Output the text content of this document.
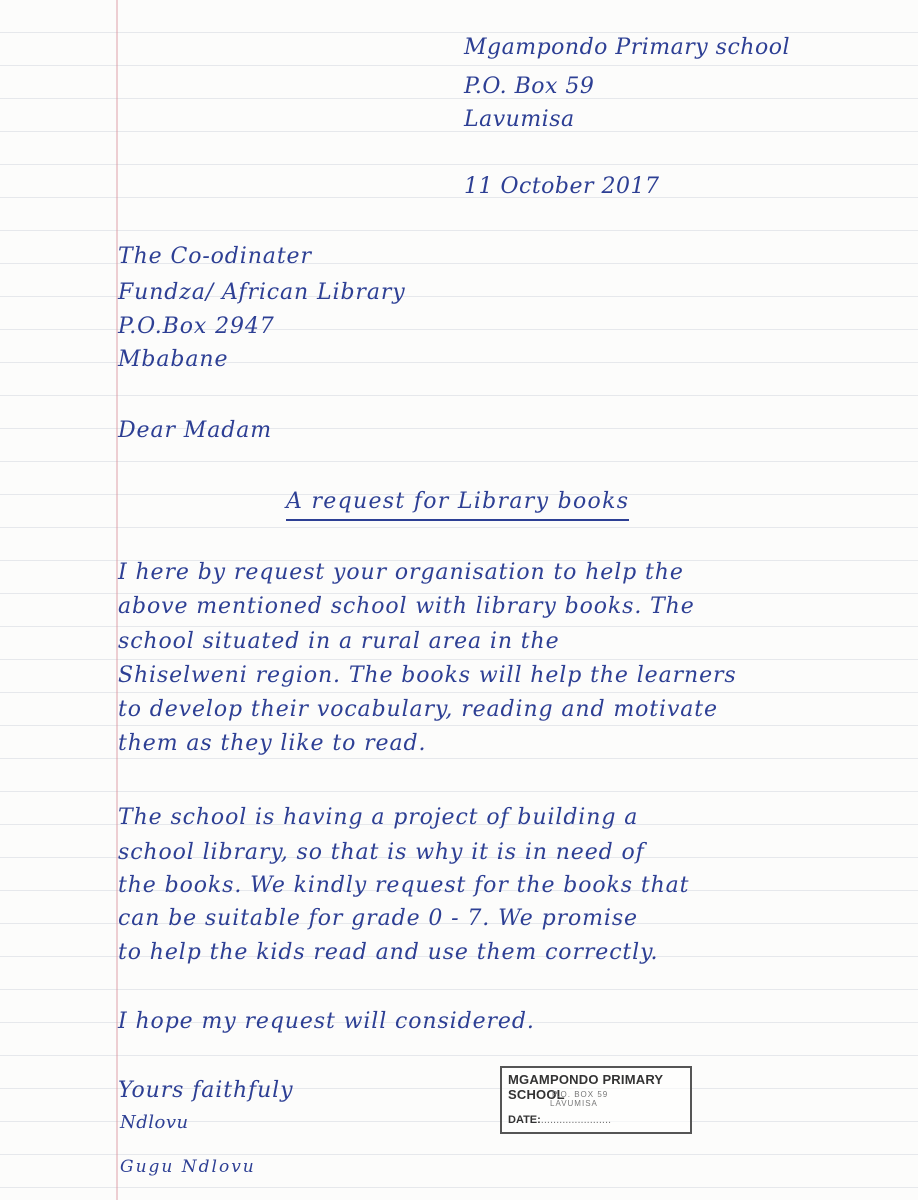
Mgampondo Primary school
P.O. Box 59
Lavumisa
11 October 2017
The Co-odinater
Fundza/ African Library
P.O.Box 2947
Mbabane
Dear Madam
A request for Library books
I here by request your organisation to help the
above mentioned school with library books. The
school situated in a rural area in the
Shiselweni region. The books will help the learners
to develop their vocabulary, reading and motivate
them as they like to read.
The school is having a project of building a
school library, so that is why it is in need of
the books. We kindly request for the books that
can be suitable for grade 0 - 7. We promise
to help the kids read and use them correctly.
I hope my request will considered.
Yours faithfuly
Ndlovu
Gugu Ndlovu
MGAMPONDO PRIMARY SCHOOL
P.O. BOX 59
LAVUMISA
DATE:.......................
